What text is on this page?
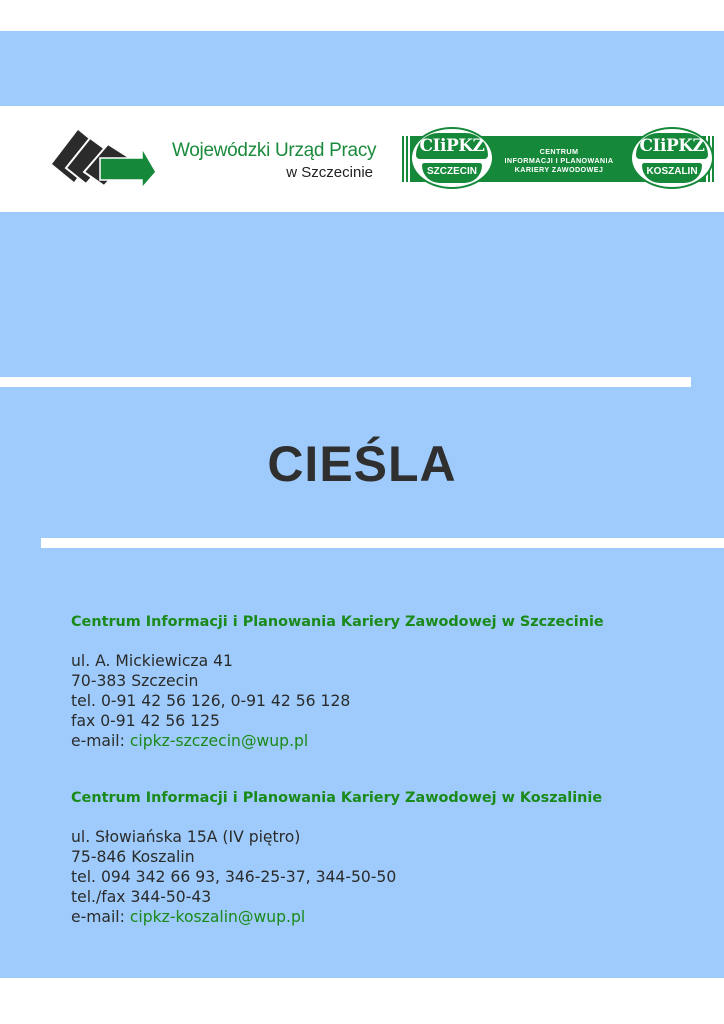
Wojewódzki Urząd Pracy
w Szczecinie
CENTRUM
INFORMACJI I PLANOWANIA
KARIERY ZAWODOWEJ
CIiPKZ
SZCZECIN
CIiPKZ
KOSZALIN
CIEŚLA
Centrum Informacji i Planowania Kariery Zawodowej w Szczecinie
ul. A. Mickiewicza 41
70-383 Szczecin
tel. 0-91 42 56 126, 0-91 42 56 128
fax 0-91 42 56 125
e-mail: cipkz-szczecin@wup.pl
Centrum Informacji i Planowania Kariery Zawodowej w Koszalinie
ul. Słowiańska 15A (IV piętro)
75-846 Koszalin
tel. 094 342 66 93, 346-25-37, 344-50-50
tel./fax 344-50-43
e-mail: cipkz-koszalin@wup.pl
